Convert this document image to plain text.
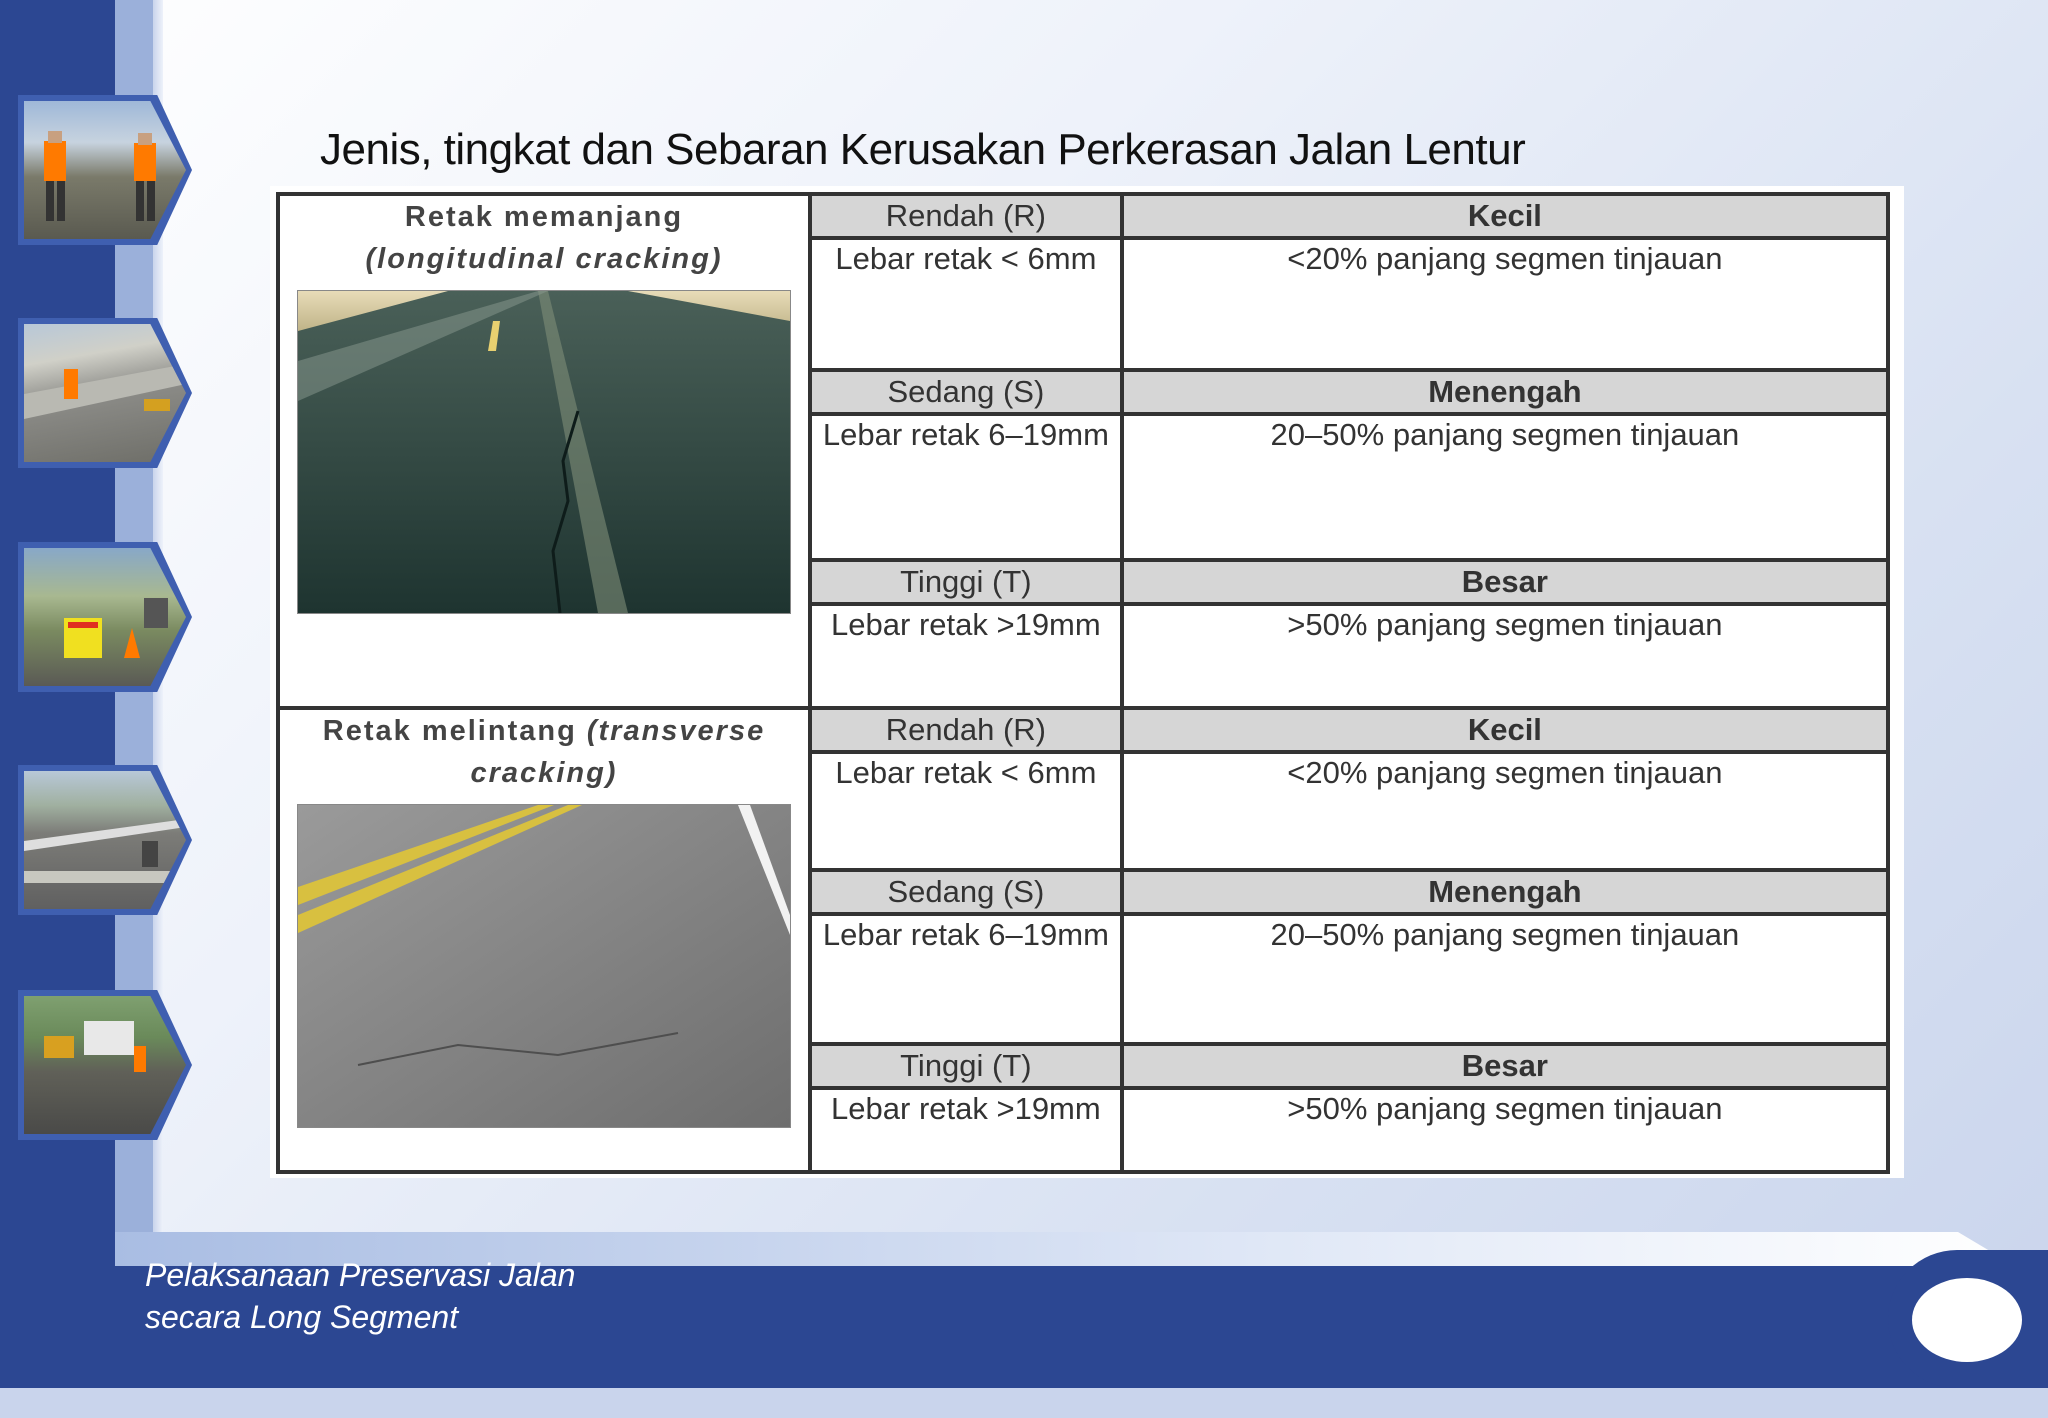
Jenis, tingkat dan Sebaran Kerusakan Perkerasan Jalan Lentur
Retak memanjang
(longitudinal cracking)	Rendah (R)	Kecil
	Lebar retak < 6mm	<20% panjang segmen tinjauan
	Sedang (S)	Menengah
	Lebar retak 6–19mm	20–50% panjang segmen tinjauan
	Tinggi (T)	Besar
	Lebar retak >19mm	>50% panjang segmen tinjauan

Retak melintang (transverse cracking)	Rendah (R)	Kecil
	Lebar retak < 6mm	<20% panjang segmen tinjauan
	Sedang (S)	Menengah
	Lebar retak 6–19mm	20–50% panjang segmen tinjauan
	Tinggi (T)	Besar
	Lebar retak >19mm	>50% panjang segmen tinjauan
Pelaksanaan Preservasi Jalan
secara Long Segment
